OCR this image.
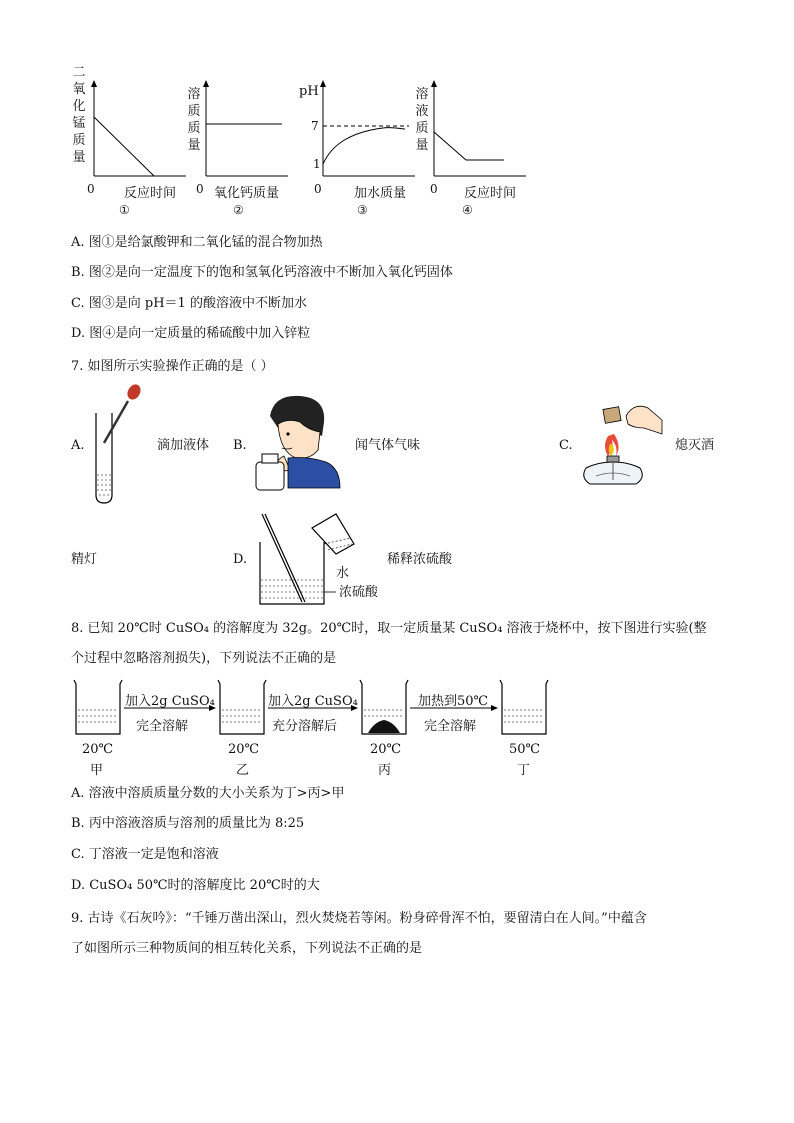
二氧化锰质量
0 反应时间
①
溶质质量
0 氧化钙质量
②
pH
7
1
0 加水质量
③
溶液质量
0 反应时间
④
A. 图①是给氯酸钾和二氧化锰的混合物加热
B. 图②是向一定温度下的饱和氢氧化钙溶液中不断加入氧化钙固体
C. 图③是向 pH＝1 的酸溶液中不断加水
D. 图④是向一定质量的稀硫酸中加入锌粒
7. 如图所示实验操作正确的是（ ）
A.	滴加液体 B.	闻气体气味	C.	熄灭酒
精灯	D.
水
浓硫酸
稀释浓硫酸
8. 已知 20℃时 CuSO₄ 的溶解度为 32g。20℃时，取一定质量某 CuSO₄ 溶液于烧杯中，按下图进行实验(整
个过程中忽略溶剂损失)，下列说法不正确的是
加入2g CuSO₄
完全溶解
加入2g CuSO₄
充分溶解后
加热到50℃
完全溶解
20℃
甲
20℃
乙
20℃
丙
50℃
丁
A. 溶液中溶质质量分数的大小关系为丁>丙>甲
B. 丙中溶液溶质与溶剂的质量比为 8:25
C. 丁溶液一定是饱和溶液
D. CuSO₄ 50℃时的溶解度比 20℃时的大
9. 古诗《石灰吟》：“千锤万凿出深山，烈火焚烧若等闲。粉身碎骨浑不怕，要留清白在人间。”中蕴含
了如图所示三种物质间的相互转化关系，下列说法不正确的是
